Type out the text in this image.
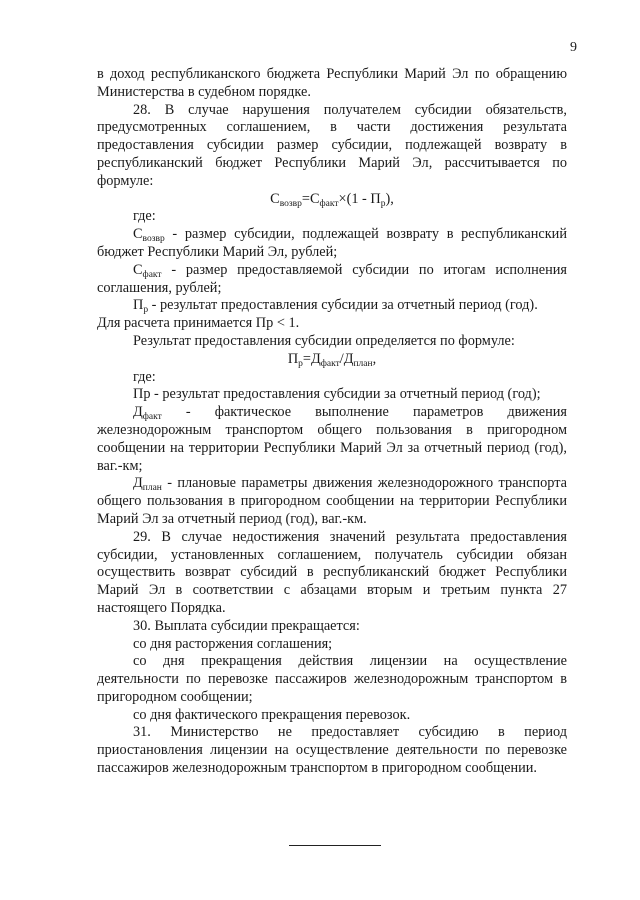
9

в доход республиканского бюджета Республики Марий Эл по обращению Министерства в судебном порядке.

28. В случае нарушения получателем субсидии обязательств, предусмотренных соглашением, в части достижения результата предоставления субсидии размер субсидии, подлежащей возврату в республиканский бюджет Республики Марий Эл, рассчитывается по формуле:

$C_{возвр}=C_{факт}\times(1 - П_р)$,

где:

$C_{возвр}$ - размер субсидии, подлежащей возврату в республиканский бюджет Республики Марий Эл, рублей;

$C_{факт}$ - размер предоставляемой субсидии по итогам исполнения соглашения, рублей;

$П_р$ - результат предоставления субсидии за отчетный период (год).

Для расчета принимается Пр < 1.

Результат предоставления субсидии определяется по формуле:

$П_р=Д_{факт}/Д_{план}$,

где:

Пр - результат предоставления субсидии за отчетный период (год);

$Д_{факт}$ - фактическое выполнение параметров движения железнодорожным транспортом общего пользования в пригородном сообщении на территории Республики Марий Эл за отчетный период (год), ваг.-км;

$Д_{план}$ - плановые параметры движения железнодорожного транспорта общего пользования в пригородном сообщении на территории Республики Марий Эл за отчетный период (год), ваг.-км.

29. В случае недостижения значений результата предоставления субсидии, установленных соглашением, получатель субсидии обязан осуществить возврат субсидий в республиканский бюджет Республики Марий Эл в соответствии с абзацами вторым и третьим пункта 27 настоящего Порядка.

30. Выплата субсидии прекращается:

со дня расторжения соглашения;

со дня прекращения действия лицензии на осуществление деятельности по перевозке пассажиров железнодорожным транспортом в пригородном сообщении;

со дня фактического прекращения перевозок.

31. Министерство не предоставляет субсидию в период приостановления лицензии на осуществление деятельности по перевозке пассажиров железнодорожным транспортом в пригородном сообщении.
